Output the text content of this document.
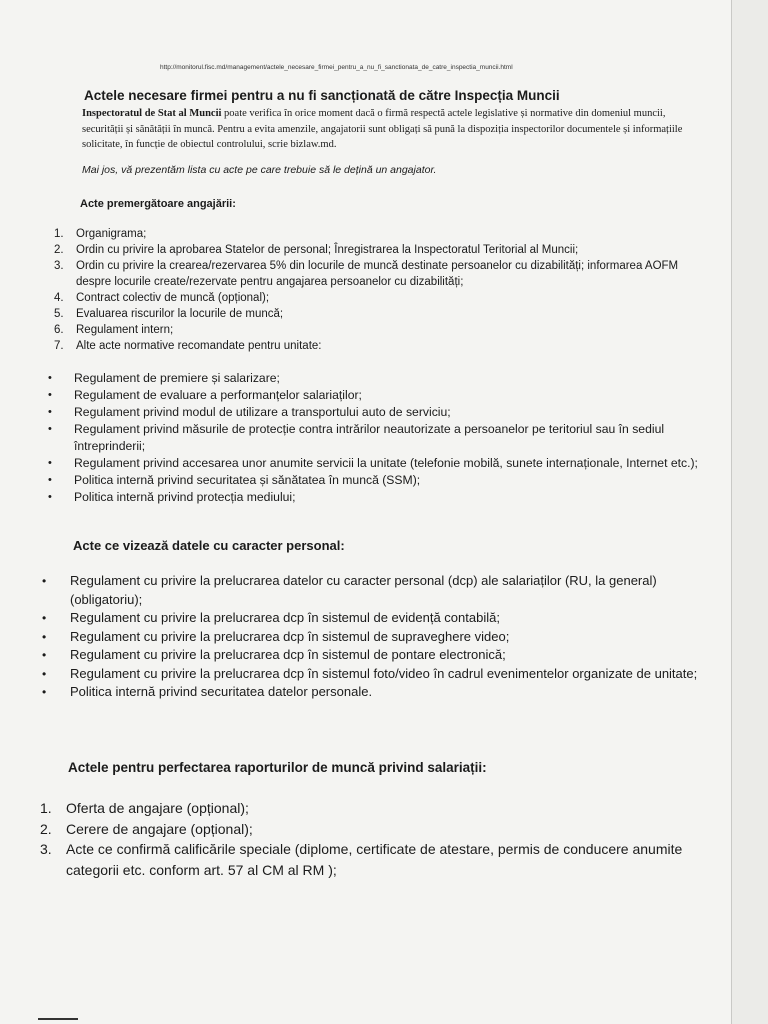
http://monitorul.fisc.md/management/actele_necesare_firmei_pentru_a_nu_fi_sanctionata_de_catre_inspectia_muncii.html
Actele necesare firmei pentru a nu fi sancționată de către Inspecția Muncii
Inspectoratul de Stat al Muncii poate verifica în orice moment dacă o firmă respectă actele legislative și normative din domeniul muncii, securității și sănătății în muncă. Pentru a evita amenzile, angajatorii sunt obligați să pună la dispoziția inspectorilor documentele și informațiile solicitate, în funcție de obiectul controlului, scrie bizlaw.md.
Mai jos, vă prezentăm lista cu acte pe care trebuie să le dețină un angajator.
Acte premergătoare angajării:
1. Organigrama;
2. Ordin cu privire la aprobarea Statelor de personal; Înregistrarea la Inspectoratul Teritorial al Muncii;
3. Ordin cu privire la crearea/rezervarea 5% din locurile de muncă destinate persoanelor cu dizabilități; informarea AOFM despre locurile create/rezervate pentru angajarea persoanelor cu dizabilități;
4. Contract colectiv de muncă (opțional);
5. Evaluarea riscurilor la locurile de muncă;
6. Regulament intern;
7. Alte acte normative recomandate pentru unitate:
• Regulament de premiere și salarizare;
• Regulament de evaluare a performanțelor salariaților;
• Regulament privind modul de utilizare a transportului auto de serviciu;
• Regulament privind măsurile de protecție contra intrărilor neautorizate a persoanelor pe teritoriul sau în sediul întreprinderii;
• Regulament privind accesarea unor anumite servicii la unitate (telefonie mobilă, sunete internaționale, Internet etc.);
• Politica internă privind securitatea și sănătatea în muncă (SSM);
• Politica internă privind protecția mediului;
Acte ce vizează datele cu caracter personal:
• Regulament cu privire la prelucrarea datelor cu caracter personal (dcp) ale salariaților (RU, la general) (obligatoriu);
• Regulament cu privire la prelucrarea dcp în sistemul de evidență contabilă;
• Regulament cu privire la prelucrarea dcp în sistemul de supraveghere video;
• Regulament cu privire la prelucrarea dcp în sistemul de pontare electronică;
• Regulament cu privire la prelucrarea dcp în sistemul foto/video în cadrul evenimentelor organizate de unitate;
• Politica internă privind securitatea datelor personale.
Actele pentru perfectarea raporturilor de muncă privind salariații:
1. Oferta de angajare (opțional);
2. Cerere de angajare (opțional);
3. Acte ce confirmă calificările speciale (diplome, certificate de atestare, permis de conducere anumite categorii etc. conform art. 57 al CM al RM );
